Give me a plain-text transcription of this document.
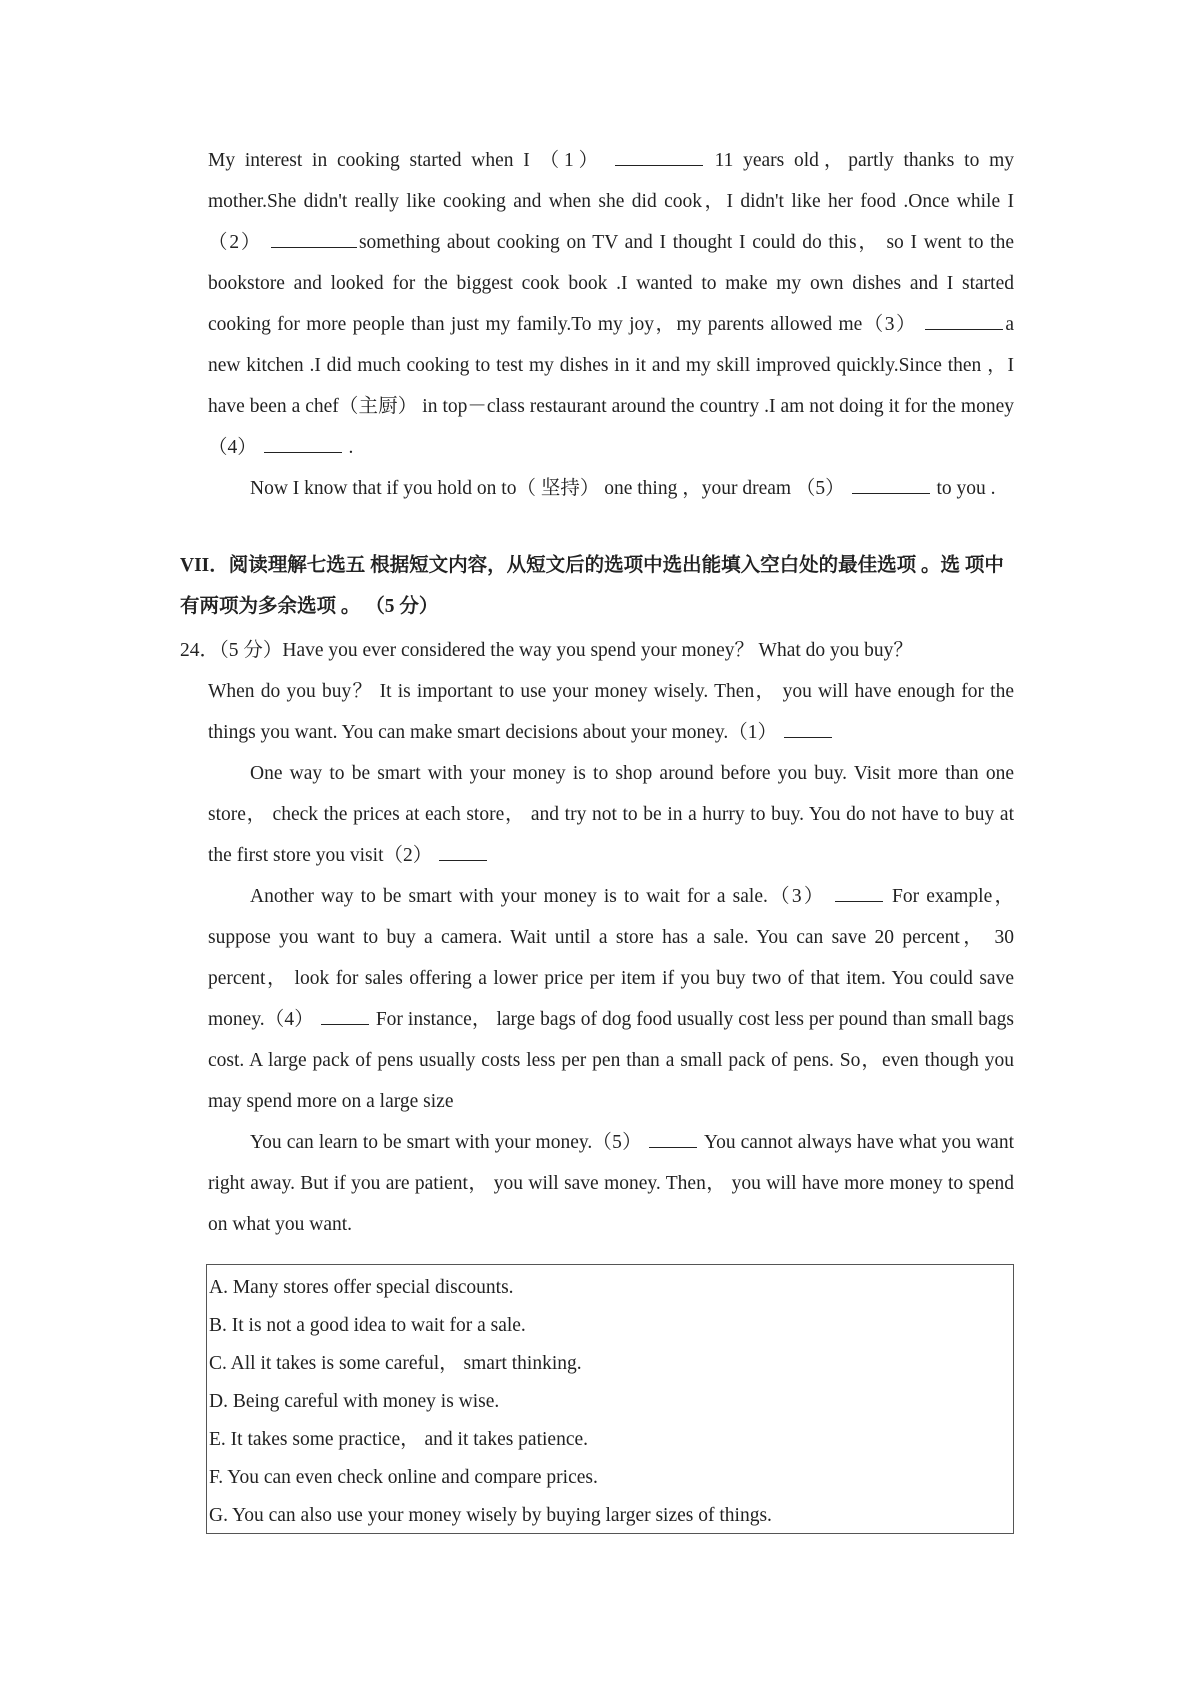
My interest in cooking started when I （1）	11 years old，partly thanks to my mother.She didn't really like cooking and when she did cook，I didn't like her food .Once while I（2）	something about cooking on TV and I thought I could do this， so I went to the bookstore and looked for the biggest cook book .I wanted to make my own dishes and I started cooking for more people than just my family.To my joy，my parents allowed me（3）	a new kitchen .I did much cooking to test my dishes in it and my skill improved quickly.Since then ，I have been a chef（主厨） in top－class restaurant around the country .I am not doing it for the money（4）	.

Now I know that if you hold on to（ 坚持） one thing ，your dream （5）	to you .

VII．阅读理解七选五 根据短文内容，从短文后的选项中选出能填入空白处的最佳选项 。选 项中有两项为多余选项 。 （5 分）

24．（5 分）Have you ever considered the way you spend your money？ What do you buy？

When do you buy？ It is important to use your money wisely. Then， you will have enough for the things you want. You can make smart decisions about your money.（1）

One way to be smart with your money is to shop around before you buy. Visit more than one store， check the prices at each store， and try not to be in a hurry to buy. You do not have to buy at the first store you visit（2）

Another way to be smart with your money is to wait for a sale.（3）	For example，suppose you want to buy a camera. Wait until a store has a sale. You can save 20 percent， 30 percent， look for sales offering a lower price per item if you buy two of that item. You could save money.（4）	For instance， large bags of dog food usually cost less per pound than small bags cost. A large pack of pens usually costs less per pen than a small pack of pens. So，even though you may spend more on a large size

You can learn to be smart with your money.（5）	You cannot always have what you want right away. But if you are patient， you will save money. Then， you will have more money to spend on what you want.

A. Many stores offer special discounts.

B. It is not a good idea to wait for a sale.

C. All it takes is some careful， smart thinking.

D. Being careful with money is wise.

E. It takes some practice， and it takes patience.

F. You can even check online and compare prices.

G. You can also use your money wisely by buying larger sizes of things.
